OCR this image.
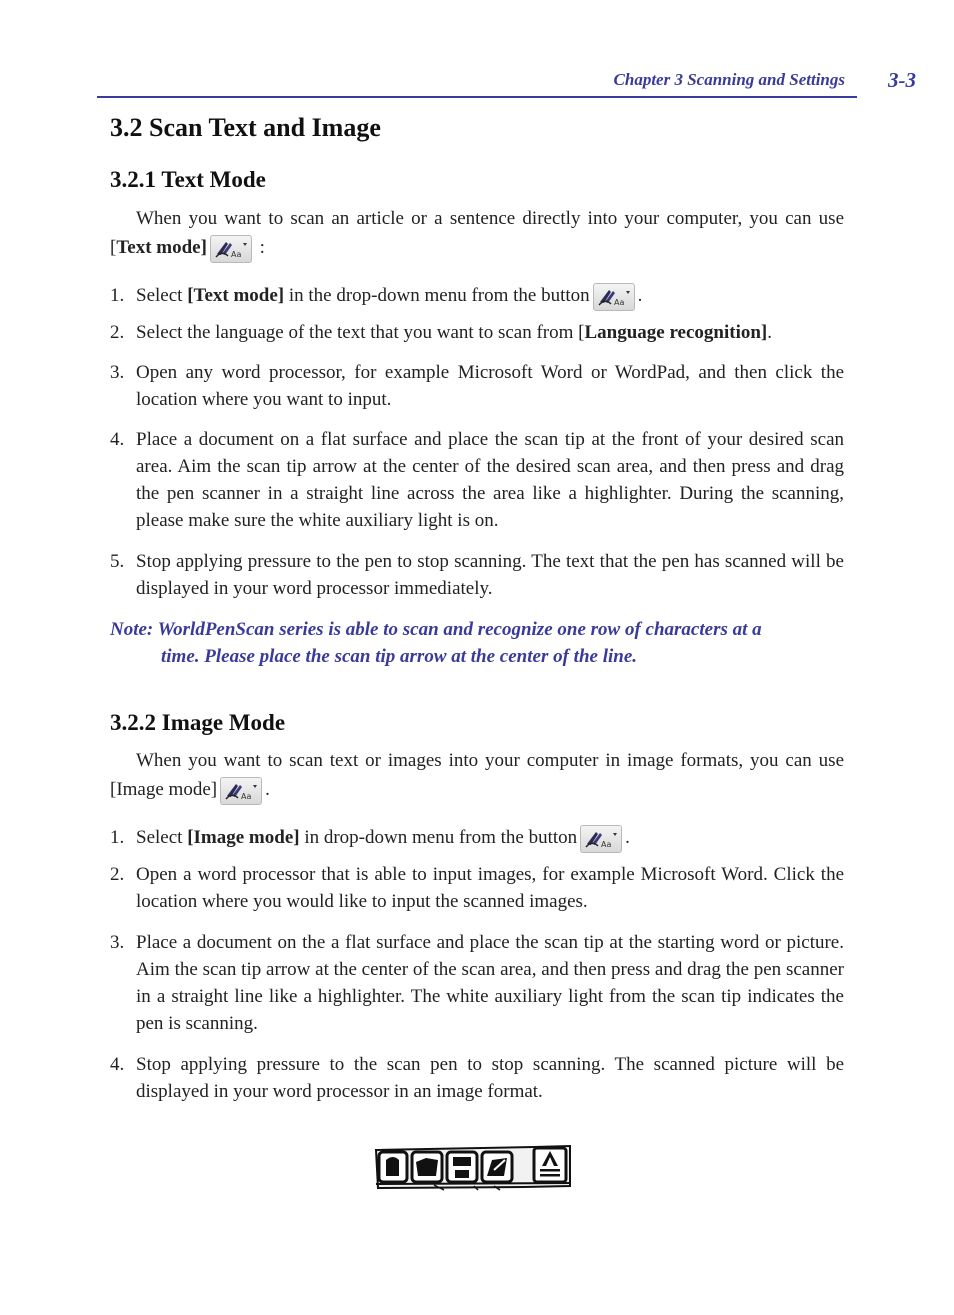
Chapter 3 Scanning and Settings 3-3
3.2 Scan Text and Image
3.2.1 Text Mode
When you want to scan an article or a sentence directly into your computer, you can use [Text mode]	:
1. Select [Text mode] in the drop-down menu from the button	.
2. Select the language of the text that you want to scan from [Language recognition].
3. Open any word processor, for example Microsoft Word or WordPad, and then click the location where you want to input.
4. Place a document on a flat surface and place the scan tip at the front of your desired scan area. Aim the scan tip arrow at the center of the desired scan area, and then press and drag the pen scanner in a straight line across the area like a highlighter. During the scanning, please make sure the white auxiliary light is on.
5. Stop applying pressure to the pen to stop scanning. The text that the pen has scanned will be displayed in your word processor immediately.
Note: WorldPenScan series is able to scan and recognize one row of characters at a
time. Please place the scan tip arrow at the center of the line.
3.2.2 Image Mode
When you want to scan text or images into your computer in image formats, you can use [Image mode]	.
1. Select [Image mode] in drop-down menu from the button	.
2. Open a word processor that is able to input images, for example Microsoft Word. Click the location where you would like to input the scanned images.
3. Place a document on the a flat surface and place the scan tip at the starting word or picture. Aim the scan tip arrow at the center of the scan area, and then press and drag the pen scanner in a straight line like a highlighter. The white auxiliary light from the scan tip indicates the pen is scanning.
4. Stop applying pressure to the scan pen to stop scanning. The scanned picture will be displayed in your word processor in an image format.
